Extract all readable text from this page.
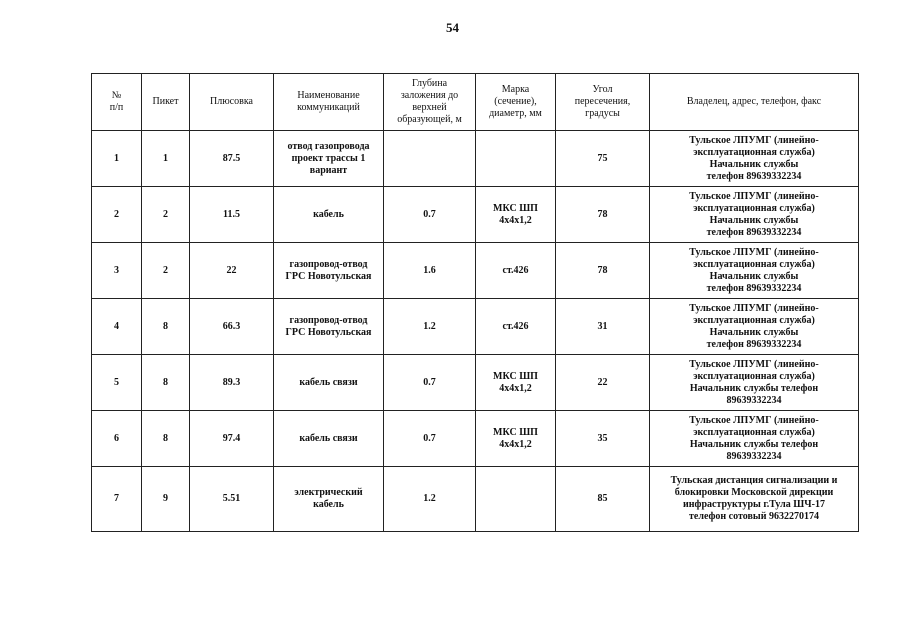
54
№
п/п	Пикет	Плюсовка	Наименование
коммуникаций	Глубина
заложения до
верхней
образующей, м	Марка
(сечение),
диаметр, мм	Угол
пересечения,
градусы	Владелец, адрес, телефон, факс
1	1	87.5	отвод газопровода
проект трассы 1
вариант			75	Тульское ЛПУМГ (линейно-
эксплуатационная служба)
Начальник службы
телефон 89639332234
2	2	11.5	кабель	0.7	МКС ШП
4х4х1,2	78	Тульское ЛПУМГ (линейно-
эксплуатационная служба)
Начальник службы
телефон 89639332234
3	2	22	газопровод-отвод
ГРС Новотульская	1.6	ст.426	78	Тульское ЛПУМГ (линейно-
эксплуатационная служба)
Начальник службы
телефон 89639332234
4	8	66.3	газопровод-отвод
ГРС Новотульская	1.2	ст.426	31	Тульское ЛПУМГ (линейно-
эксплуатационная служба)
Начальник службы
телефон 89639332234
5	8	89.3	кабель связи	0.7	МКС ШП
4х4х1,2	22	Тульское ЛПУМГ (линейно-
эксплуатационная служба)
Начальник службы телефон
89639332234
6	8	97.4	кабель связи	0.7	МКС ШП
4х4х1,2	35	Тульское ЛПУМГ (линейно-
эксплуатационная служба)
Начальник службы телефон
89639332234
7	9	5.51	электрический
кабель	1.2		85	Тульская дистанция сигнализации и
блокировки Московской дирекции
инфраструктуры г.Тула ШЧ-17
телефон сотовый 9632270174
